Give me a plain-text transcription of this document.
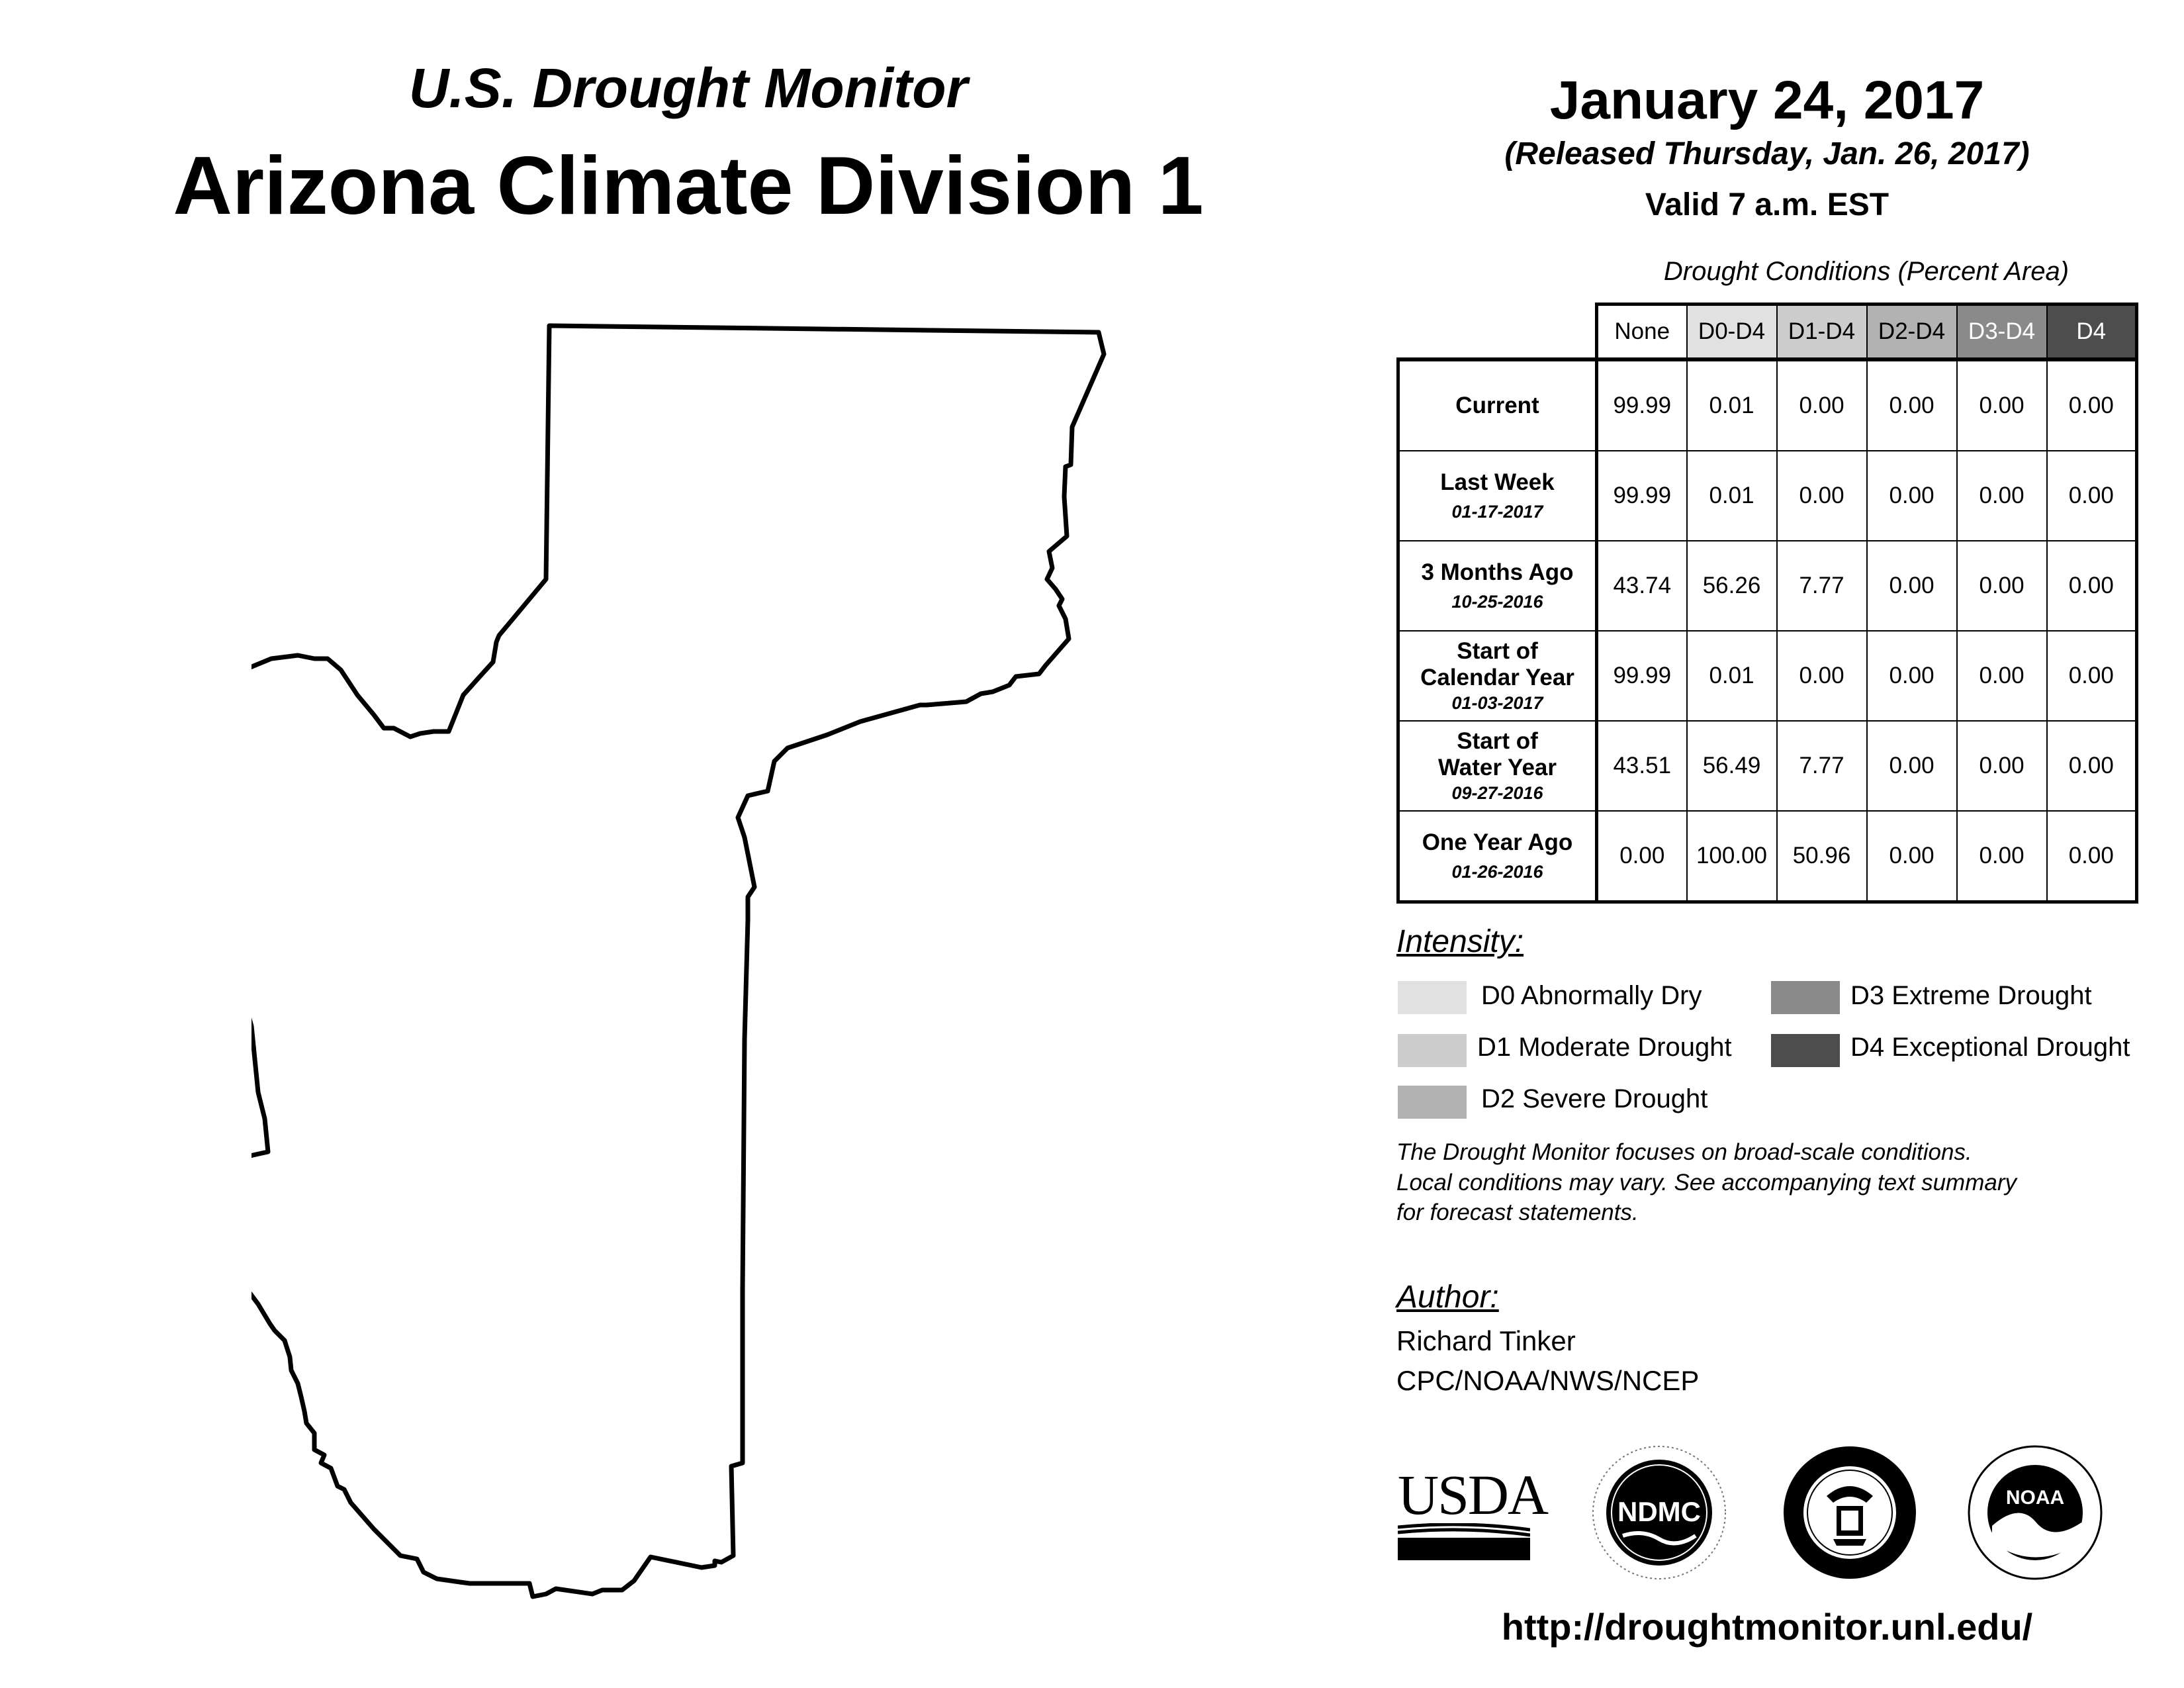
U.S. Drought Monitor
Arizona Climate Division 1
January 24, 2017
(Released Thursday, Jan. 26, 2017)
Valid 7 a.m. EST
Drought Conditions (Percent Area)
	None	D0-D4	D1-D4	D2-D4	D3-D4	D4

Current	99.99	0.01	0.00	0.00	0.00	0.00

Last Week
01-17-2017	99.99	0.01	0.00	0.00	0.00	0.00

3 Months Ago
10-25-2016	43.74	56.26	7.77	0.00	0.00	0.00

Start of
Calendar Year
01-03-2017	99.99	0.01	0.00	0.00	0.00	0.00

Start of
Water Year
09-27-2016	43.51	56.49	7.77	0.00	0.00	0.00

One Year Ago
01-26-2016	0.00	100.00	50.96	0.00	0.00	0.00
Intensity:
D0 Abnormally Dry
D1 Moderate Drought
D2 Severe Drought
D3 Extreme Drought
D4 Exceptional Drought
The Drought Monitor focuses on broad-scale conditions.
Local conditions may vary. See accompanying text summary
for forecast statements.
Author:
Richard Tinker
CPC/NOAA/NWS/NCEP
USDA	NDMC	NOAA
http://droughtmonitor.unl.edu/
